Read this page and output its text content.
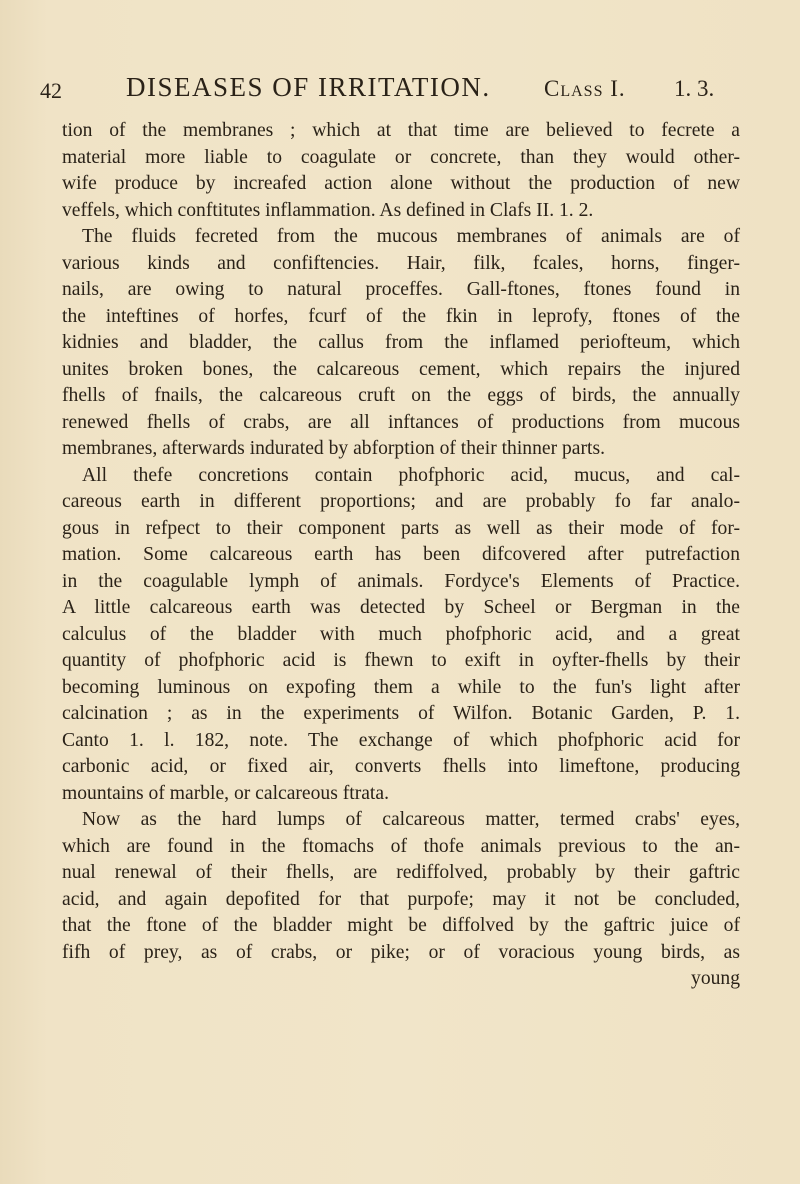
42 DISEASES OF IRRITATION. Class I. 1. 3.
tion of the membranes ; which at that time are believed to fecrete a
material more liable to coagulate or concrete, than they would other-
wife produce by increafed action alone without the production of new
veffels, which conftitutes inflammation. As defined in Clafs II. 1. 2.
The fluids fecreted from the mucous membranes of animals are of
various kinds and confiftencies. Hair, filk, fcales, horns, finger-
nails, are owing to natural proceffes. Gall-ftones, ftones found in
the inteftines of horfes, fcurf of the fkin in leprofy, ftones of the
kidnies and bladder, the callus from the inflamed periofteum, which
unites broken bones, the calcareous cement, which repairs the injured
fhells of fnails, the calcareous cruft on the eggs of birds, the annually
renewed fhells of crabs, are all inftances of productions from mucous
membranes, afterwards indurated by abforption of their thinner parts.
All thefe concretions contain phofphoric acid, mucus, and cal-
careous earth in different proportions; and are probably fo far analo-
gous in refpect to their component parts as well as their mode of for-
mation. Some calcareous earth has been difcovered after putrefaction
in the coagulable lymph of animals. Fordyce's Elements of Practice.
A little calcareous earth was detected by Scheel or Bergman in the
calculus of the bladder with much phofphoric acid, and a great
quantity of phofphoric acid is fhewn to exift in oyfter-fhells by their
becoming luminous on expofing them a while to the fun's light after
calcination ; as in the experiments of Wilfon. Botanic Garden, P. 1.
Canto 1. l. 182, note. The exchange of which phofphoric acid for
carbonic acid, or fixed air, converts fhells into limeftone, producing
mountains of marble, or calcareous ftrata.
Now as the hard lumps of calcareous matter, termed crabs' eyes,
which are found in the ftomachs of thofe animals previous to the an-
nual renewal of their fhells, are rediffolved, probably by their gaftric
acid, and again depofited for that purpofe; may it not be concluded,
that the ftone of the bladder might be diffolved by the gaftric juice of
fifh of prey, as of crabs, or pike; or of voracious young birds, as
young
